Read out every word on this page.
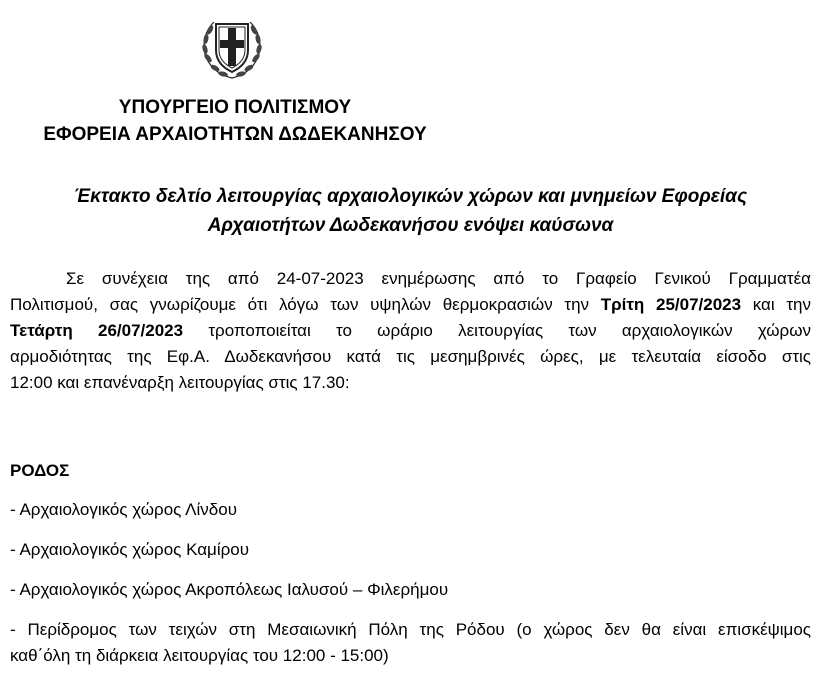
ΥΠΟΥΡΓΕΙΟ ΠΟΛΙΤΙΣΜΟΥ
ΕΦΟΡΕΙΑ ΑΡΧΑΙΟΤΗΤΩΝ ΔΩΔΕΚΑΝΗΣΟΥ
Έκτακτο δελτίο λειτουργίας αρχαιολογικών χώρων και μνημείων Εφορείας
Αρχαιοτήτων Δωδεκανήσου ενόψει καύσωνα
Σε συνέχεια της από 24-07-2023 ενημέρωσης από το Γραφείο Γενικού Γραμματέα
Πολιτισμού, σας γνωρίζουμε ότι λόγω των υψηλών θερμοκρασιών την Τρίτη 25/07/2023 και την
Τετάρτη 26/07/2023 τροποποιείται το ωράριο λειτουργίας των αρχαιολογικών χώρων
αρμοδιότητας της Εφ.Α. Δωδεκανήσου κατά τις μεσημβρινές ώρες, με τελευταία είσοδο στις
12:00 και επανέναρξη λειτουργίας στις 17.30:
ΡΟΔΟΣ
- Αρχαιολογικός χώρος Λίνδου
- Αρχαιολογικός χώρος Καμίρου
- Αρχαιολογικός χώρος Ακροπόλεως Ιαλυσού – Φιλερήμου
- Περίδρομος των τειχών στη Μεσαιωνική Πόλη της Ρόδου (ο χώρος δεν θα είναι επισκέψιμος
καθ΄όλη τη διάρκεια λειτουργίας του 12:00 - 15:00)
